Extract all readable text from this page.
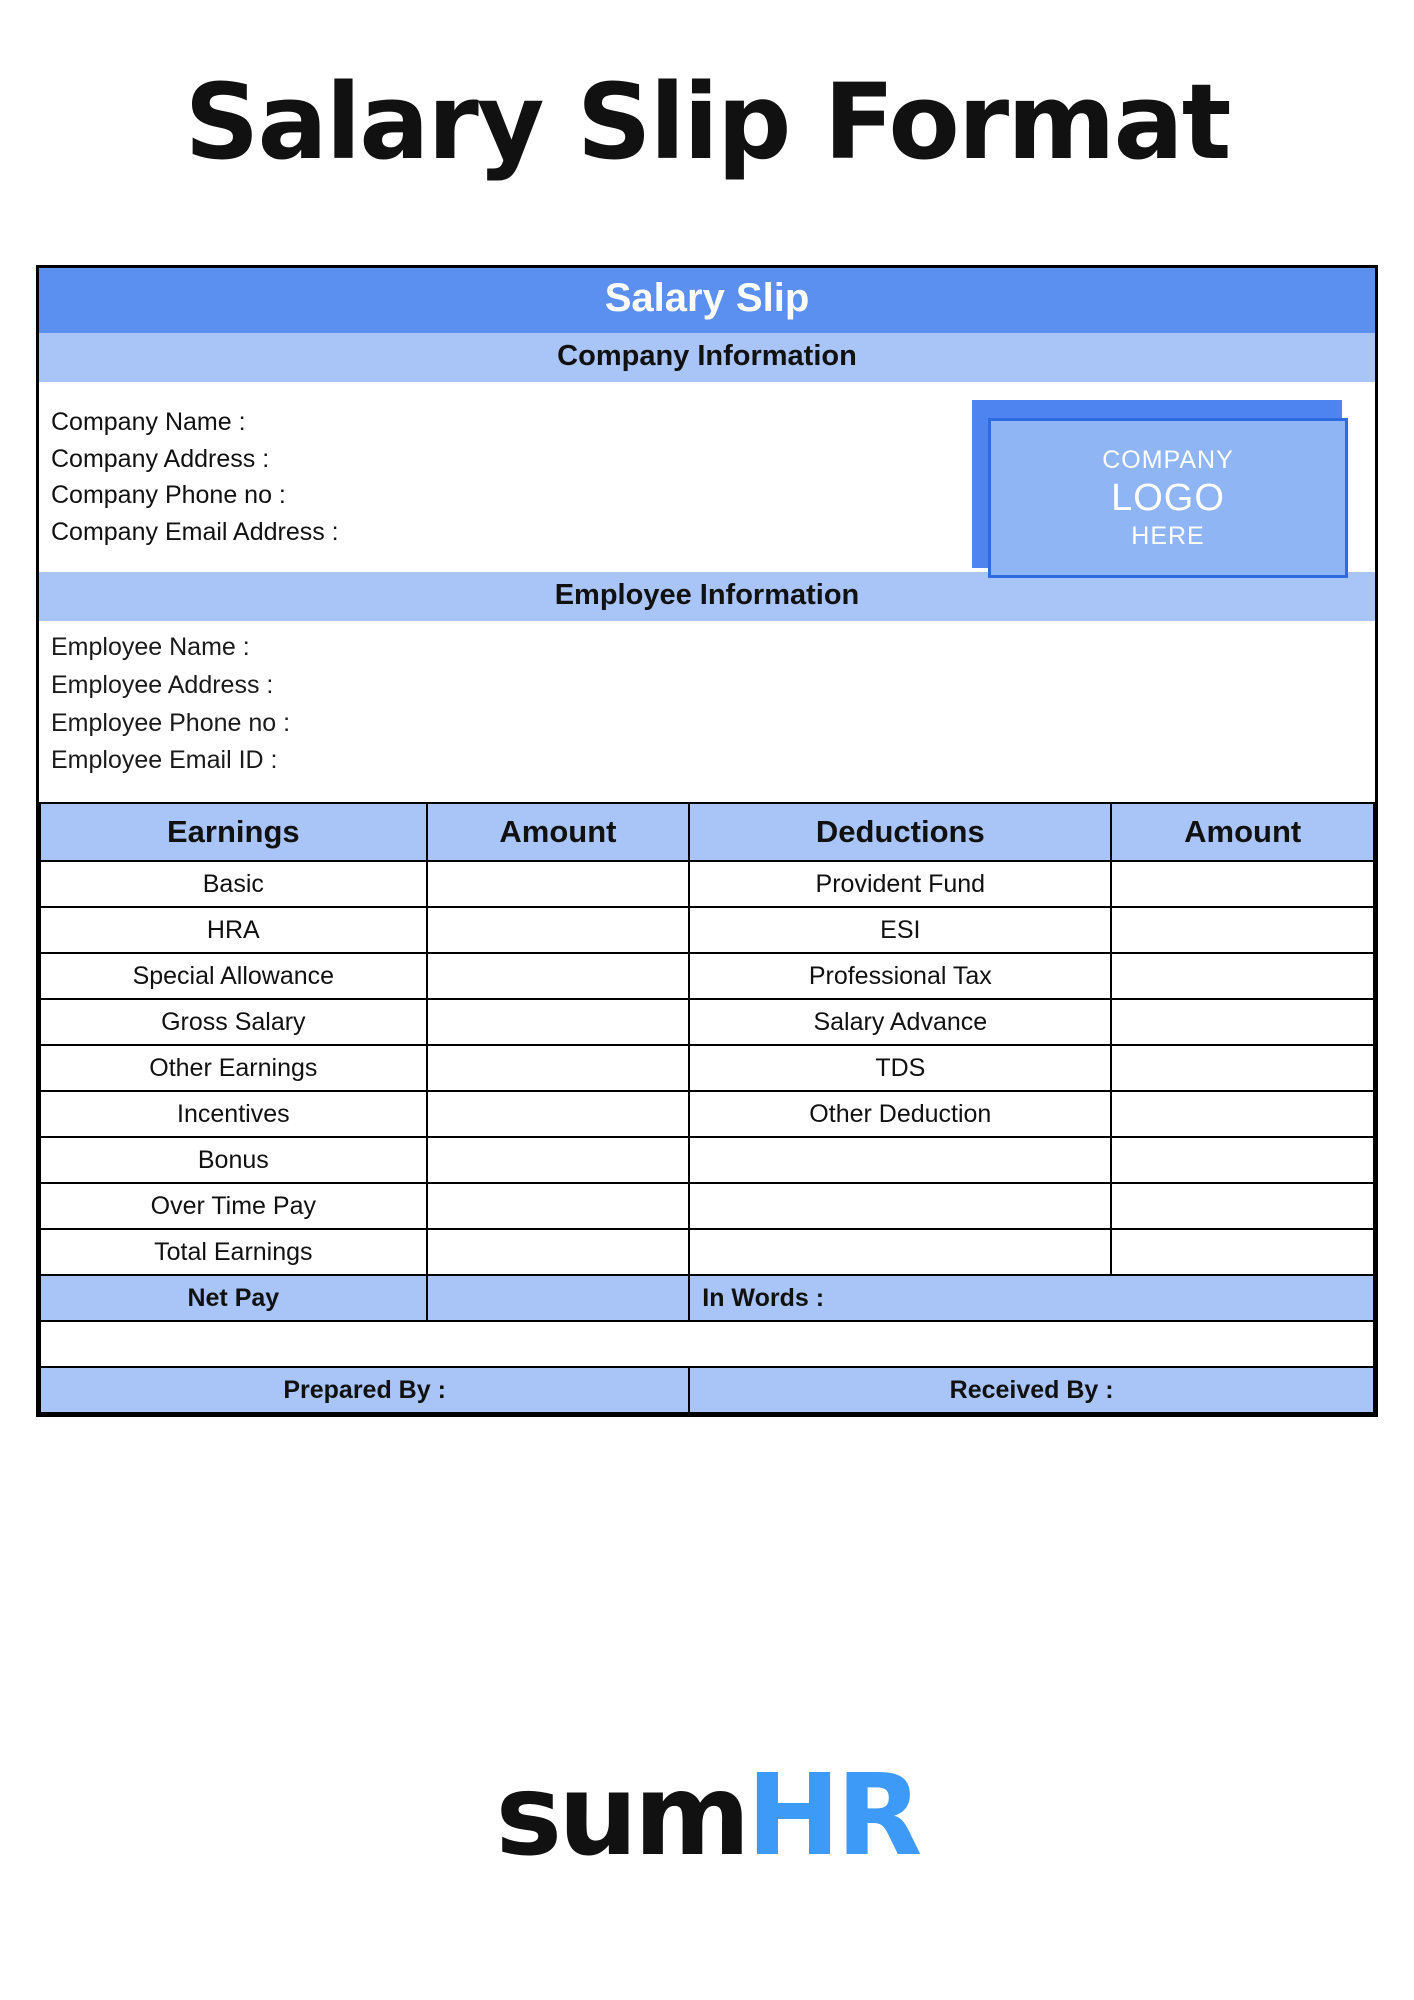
Salary Slip Format
Salary Slip
Company Information
Company Name :
Company Address :
Company Phone no :
Company Email Address :
COMPANY
LOGO
HERE
Employee Information
Employee Name :
Employee Address :
Employee Phone no :
Employee Email ID :
Earnings	Amount	Deductions	Amount
Basic		Provident Fund	
HRA		ESI	
Special Allowance		Professional Tax	
Gross Salary		Salary Advance	
Other Earnings		TDS	
Incentives		Other Deduction	
Bonus			
Over Time Pay			
Total Earnings			
Net Pay		In Words :	

Prepared By :		Received By :	
sumHR
